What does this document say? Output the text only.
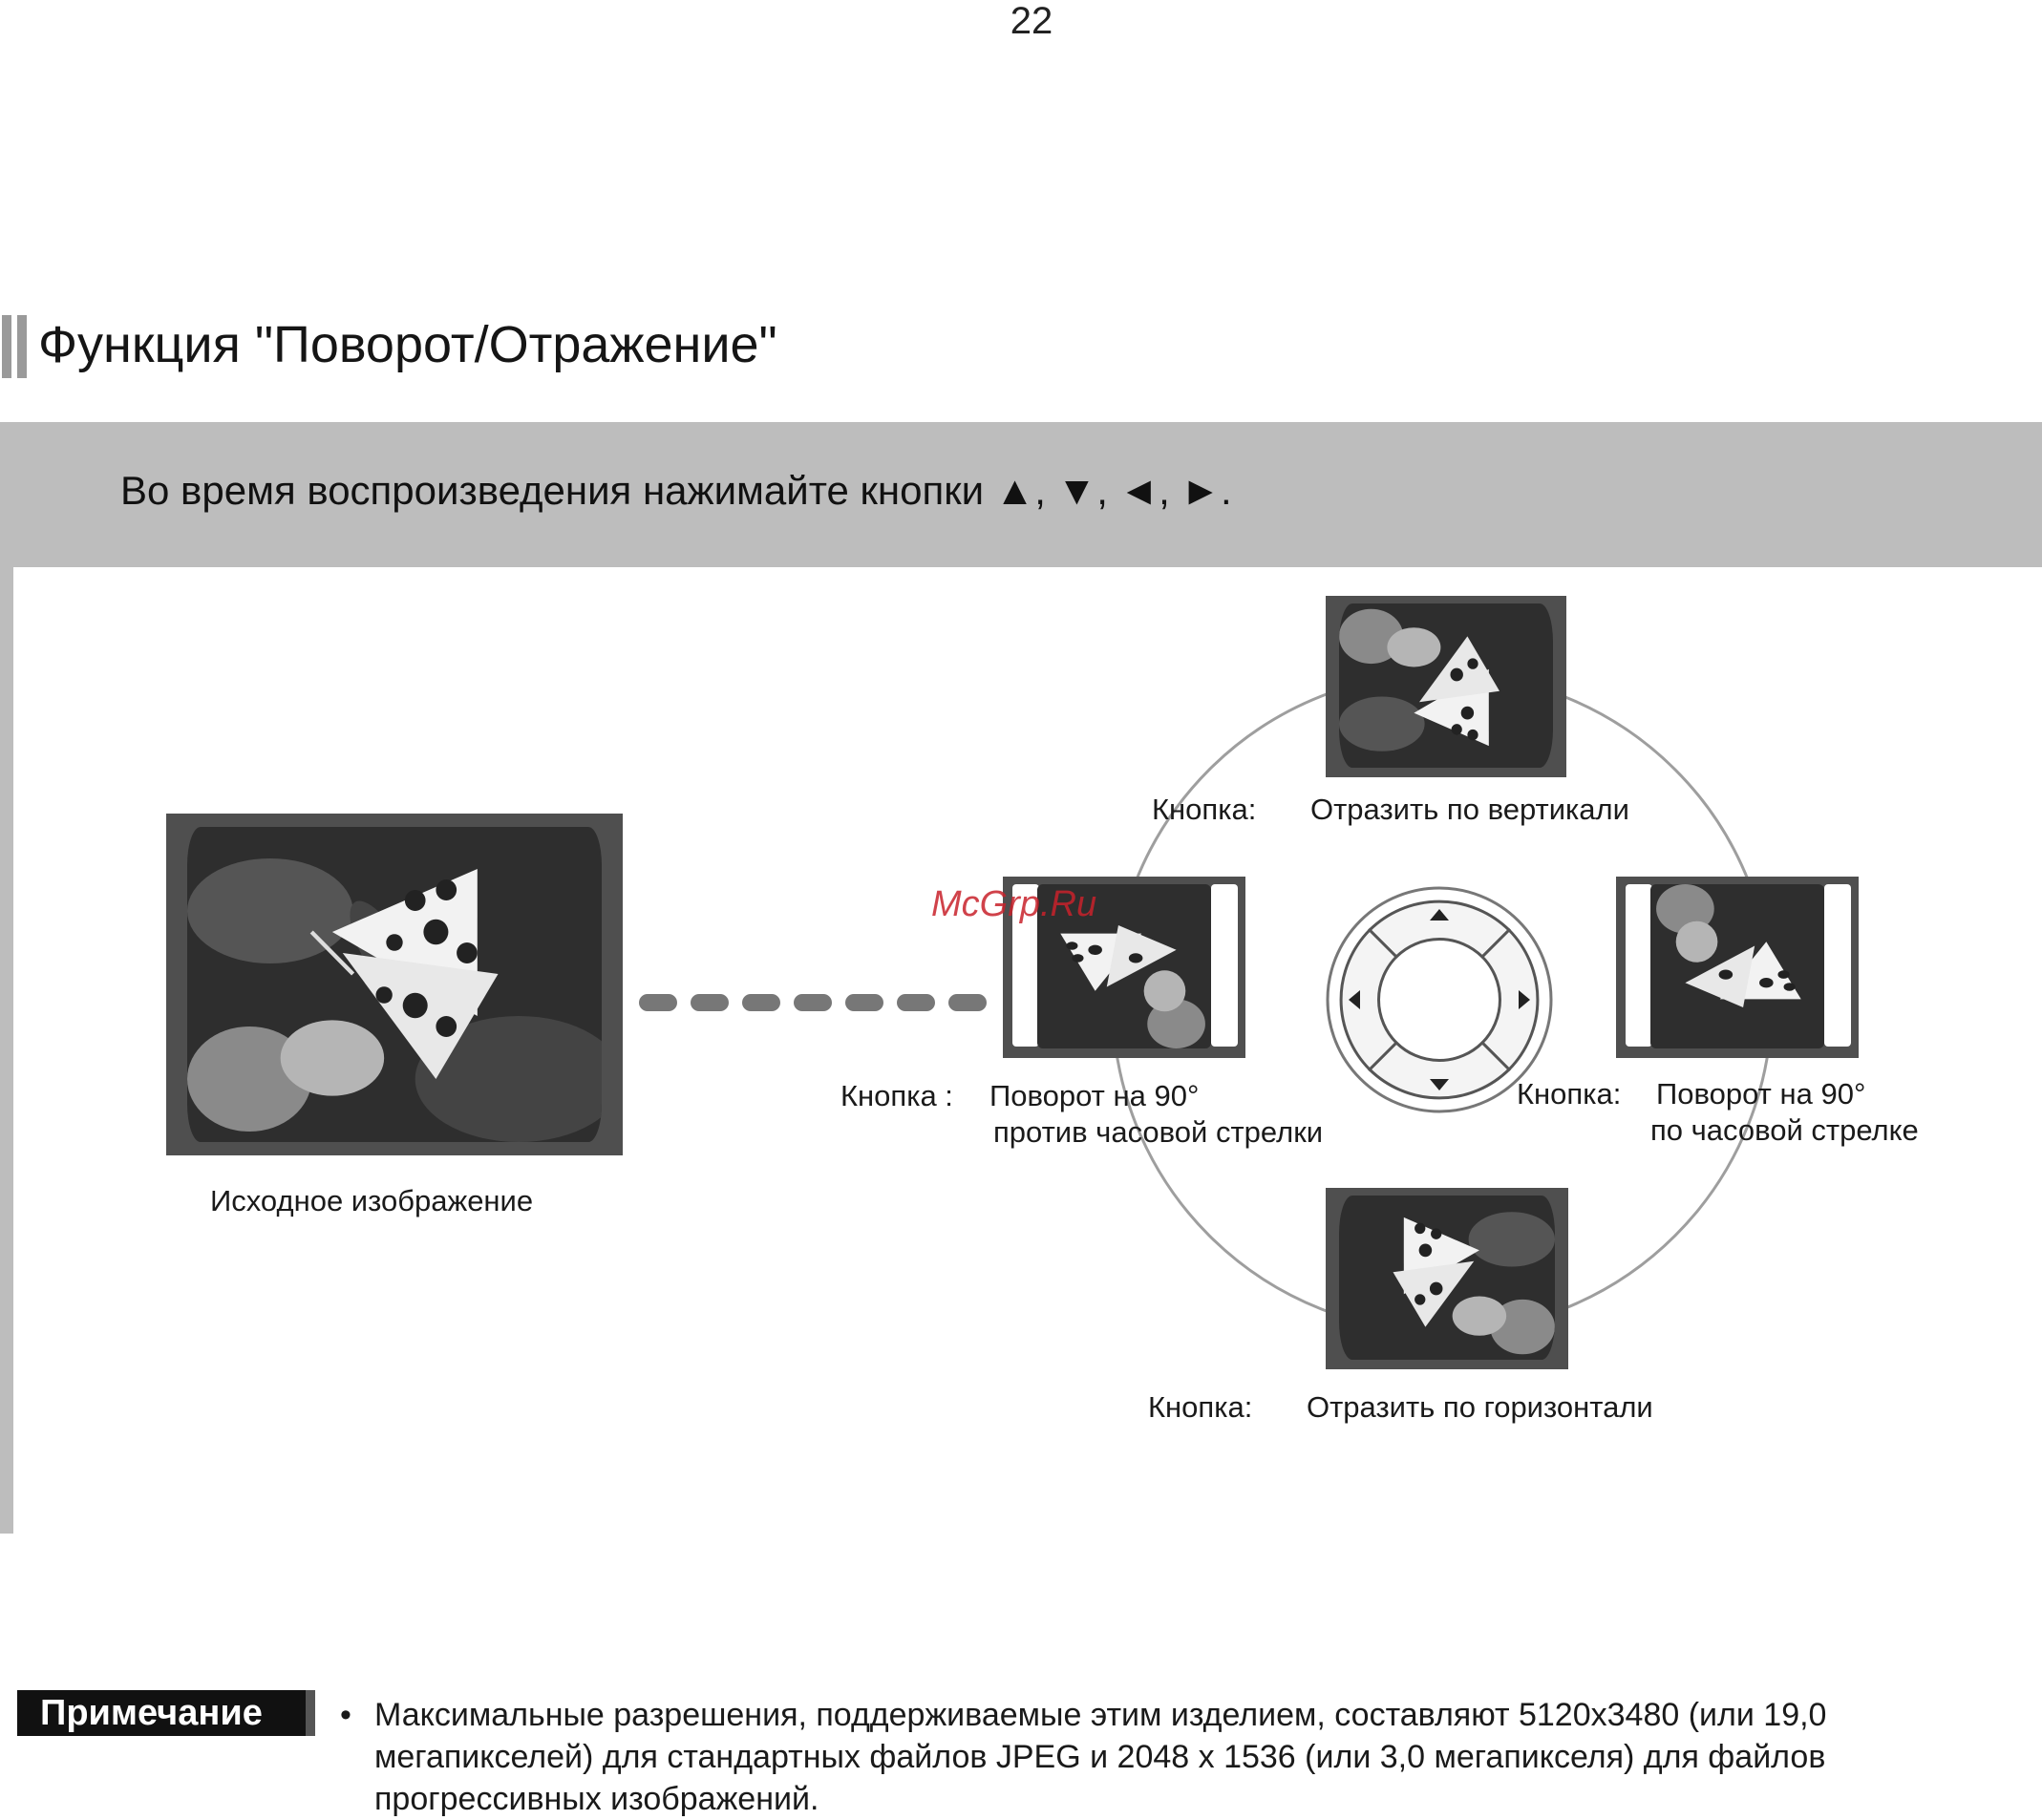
22
Функция "Поворот/Отражение"
Во время воспроизведения нажимайте кнопки ▲, ▼, ◄, ►.
Исходное изображение
Кнопка: Отразить по вертикали
Кнопка : Поворот на 90°
против часовой стрелки
Кнопка: Поворот на 90°
по часовой стрелке
Кнопка: Отразить по горизонтали
McGrp.Ru
Примечание	• Максимальные разрешения, поддерживаемые этим изделием, составляют 5120x3480 (или 19,0 мегапикселей) для стандартных файлов JPEG и 2048 x 1536 (или 3,0 мегапикселя) для файлов прогрессивных изображений.
